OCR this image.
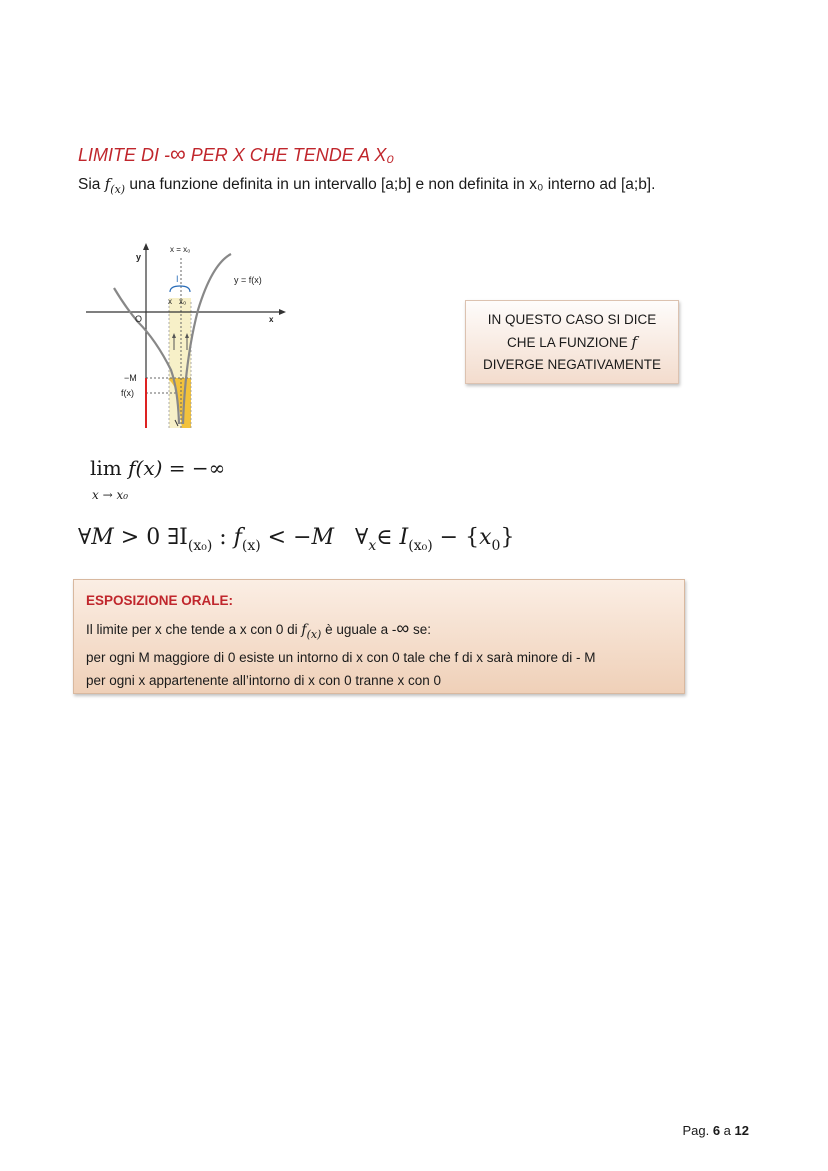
LIMITE DI -∞ PER X CHE TENDE A X₀
Sia $f_{(x)}$ una funzione definita in un intervallo [a;b] e non definita in x₀ interno ad [a;b].
x = x₀
y
I
x x₀
y = f(x)
O	x
−M
f(x)
IN QUESTO CASO SI DICE
CHE LA FUNZIONE f
DIVERGE NEGATIVAMENTE
lim f(x) = −∞
x → x₀
∀M > 0 $\exists I_{(x_0)}$ : $f_{(x)} < -M$   $\forall_x\in$ $I_{(x_0)} - \{x_0\}$
ESPOSIZIONE ORALE:
Il limite per x che tende a x con 0 di $f_{(x)}$ è uguale a -∞ se:
per ogni M maggiore di 0 esiste un intorno di x con 0 tale che f di x sarà minore di - M
per ogni x appartenente all’intorno di x con 0 tranne x con 0
Pag. 6 a 12
